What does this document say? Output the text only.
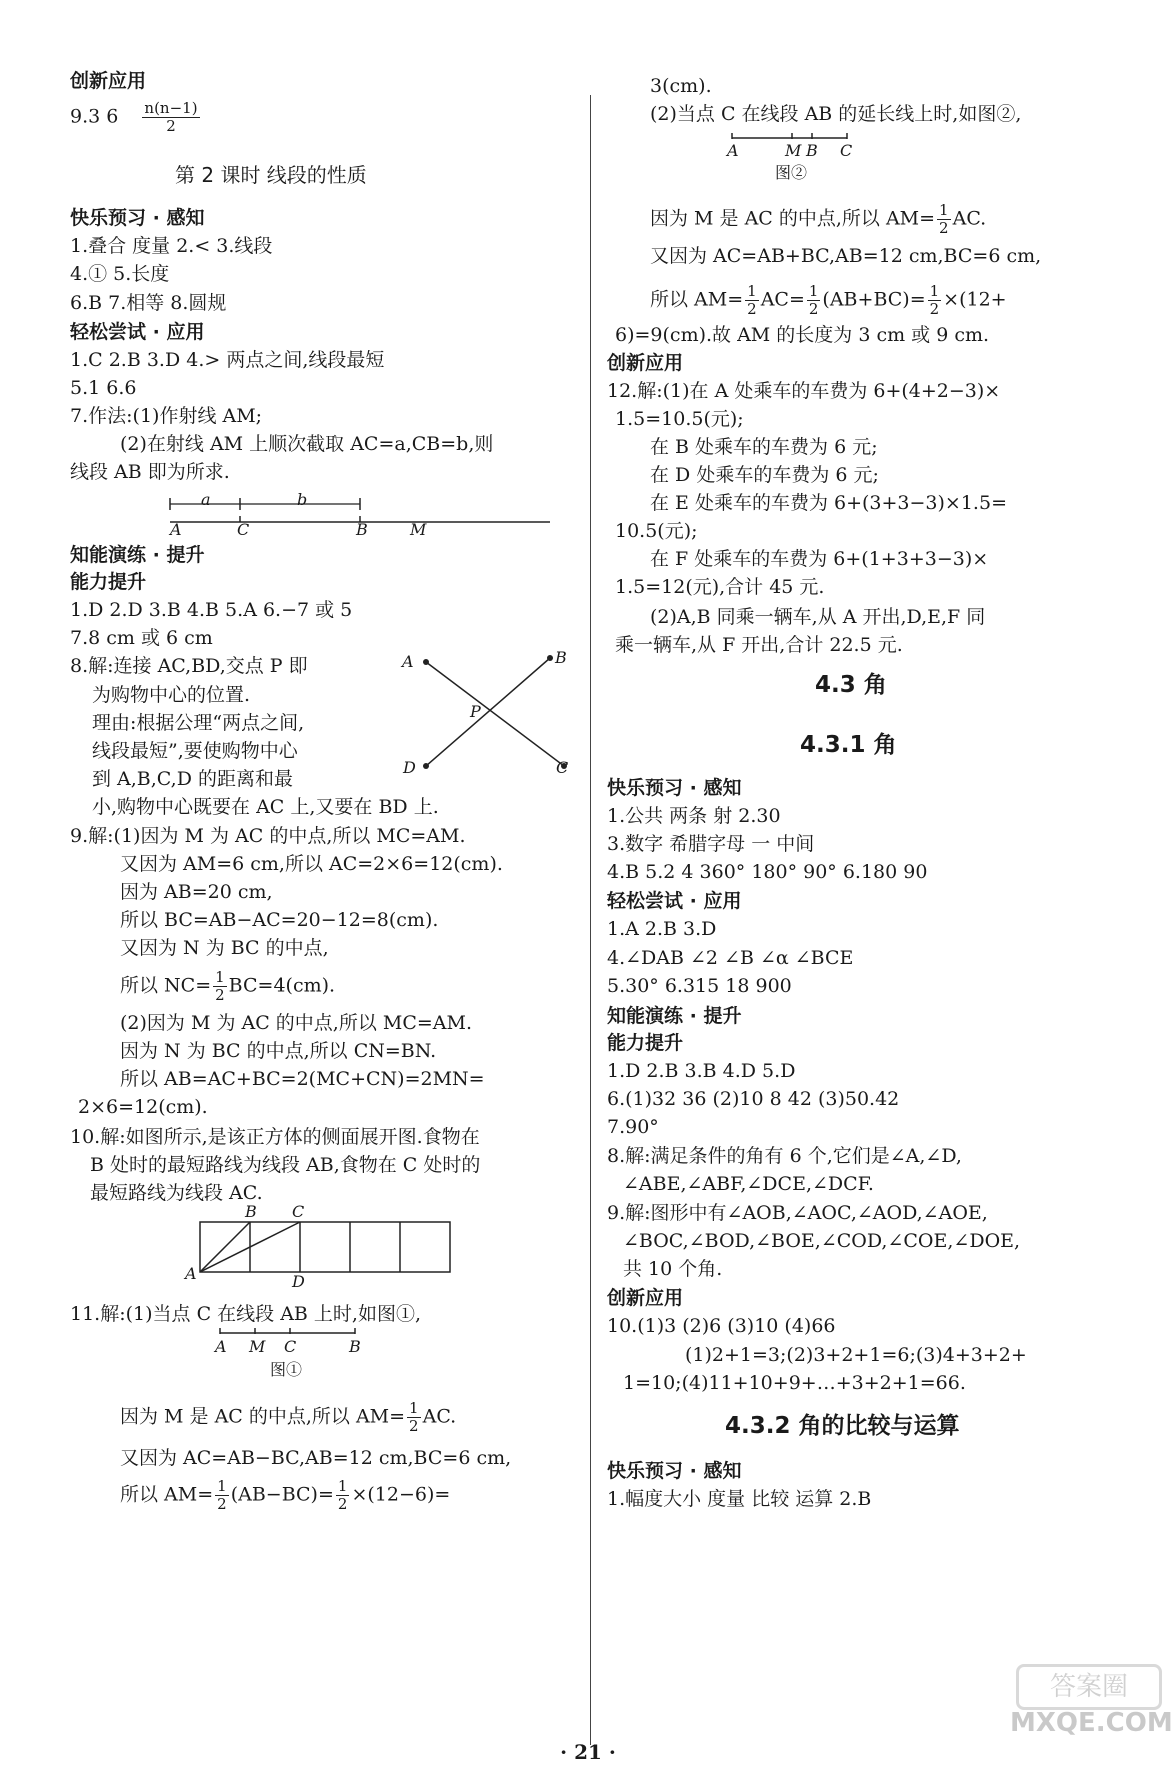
创新应用
9.3 $6 \frac{n(n-1)}{2}$
第 2 课时 线段的性质
快乐预习 · 感知
1.叠合 度量 2.< 3.线段
4.① 5.长度
6.B 7.相等 8.圆规
轻松尝试 · 应用
1.C 2.B 3.D 4.> 两点之间,线段最短
5.1 6.6
7.作法:(1)作射线 AM;
(2)在射线 AM 上顺次截取 AC=a,CB=b,则
线段 AB 即为所求.
a	b
A	C	B	M
知能演练 · 提升
能力提升
1.D 2.D 3.B 4.B 5.A 6.−7 或 5
7.8 cm 或 6 cm
8.解:连接 AC,BD,交点 P 即
为购物中心的位置.
理由:根据公理“两点之间,
线段最短”,要使购物中心
到 A,B,C,D 的距离和最
小,购物中心既要在 AC 上,又要在 BD 上.
A	B
P
D	C
9.解:(1)因为 M 为 AC 的中点,所以 MC=AM.
又因为 AM=6 cm,所以 AC=2×6=12(cm).
因为 AB=20 cm,
所以 BC=AB−AC=20−12=8(cm).
又因为 N 为 BC 的中点,
所以 $NC= \frac{1}{2} BC=4(cm)$.
(2)因为 M 为 AC 的中点,所以 MC=AM.
因为 N 为 BC 的中点,所以 CN=BN.
所以 AB=AC+BC=2(MC+CN)=2MN=
2×6=12(cm).
10.解:如图所示,是该正方体的侧面展开图.食物在
B 处时的最短路线为线段 AB,食物在 C 处时的
最短路线为线段 AC.
B C
A	D
11.解:(1)当点 C 在线段 AB 上时,如图①,
A M C	B
图①
因为 M 是 AC 的中点,所以 $AM= \frac{1}{2}$ AC.
又因为 AC=AB−BC,AB=12 cm,BC=6 cm,
所以 $AM= \frac{1}{2} (AB-BC)= \frac{1}{2} \times(12-6)=$
3(cm).
(2)当点 C 在线段 AB 的延长线上时,如图②,
A	M B C
图②
因为 M 是 AC 的中点,所以 $AM= \frac{1}{2}$ AC.
又因为 AC=AB+BC,AB=12 cm,BC=6 cm,
所以 $AM= \frac{1}{2} AC= \frac{1}{2} (AB+BC)= \frac{1}{2} \times(12+$
6)=9(cm).故 AM 的长度为 3 cm 或 9 cm.
创新应用
12.解:(1)在 A 处乘车的车费为 6+(4+2−3)×
1.5=10.5(元);
在 B 处乘车的车费为 6 元;
在 D 处乘车的车费为 6 元;
在 E 处乘车的车费为 6+(3+3−3)×1.5=
10.5(元);
在 F 处乘车的车费为 6+(1+3+3−3)×
1.5=12(元),合计 45 元.
(2)A,B 同乘一辆车,从 A 开出,D,E,F 同
乘一辆车,从 F 开出,合计 22.5 元.
4.3 角
4.3.1 角
快乐预习 · 感知
1.公共 两条 射 2.30
3.数字 希腊字母 一 中间
4.B 5.2 4 360° 180° 90° 6.180 90
轻松尝试 · 应用
1.A 2.B 3.D
4.∠DAB ∠2 ∠B ∠α ∠BCE
5.30° 6.315 18 900
知能演练 · 提升
能力提升
1.D 2.B 3.B 4.D 5.D
6.(1)32 36 (2)10 8 42 (3)50.42
7.90°
8.解:满足条件的角有 6 个,它们是∠A,∠D,
∠ABE,∠ABF,∠DCE,∠DCF.
9.解:图形中有∠AOB,∠AOC,∠AOD,∠AOE,
∠BOC,∠BOD,∠BOE,∠COD,∠COE,∠DOE,
共 10 个角.
创新应用
10.(1)3 (2)6 (3)10 (4)66
(1)2+1=3;(2)3+2+1=6;(3)4+3+2+
1=10;(4)11+10+9+…+3+2+1=66.
4.3.2 角的比较与运算
快乐预习 · 感知
1.幅度大小 度量 比较 运算 2.B
· 21 ·
答案圈
MXQE.COM
